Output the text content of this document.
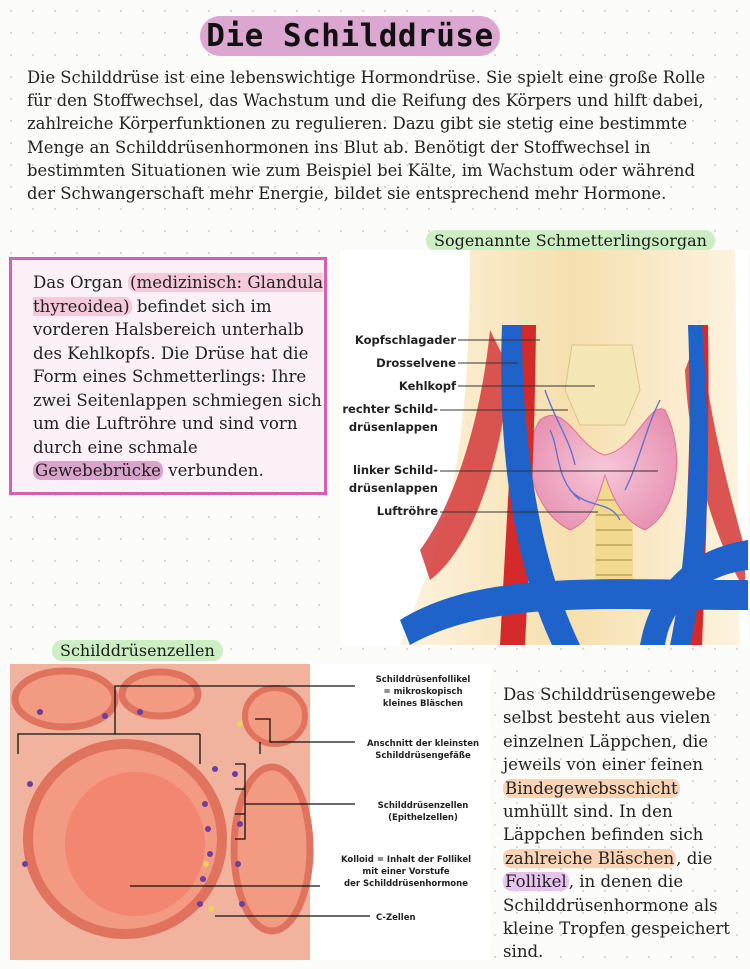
Die Schilddrüse

Die Schilddrüse ist eine lebenswichtige Hormondrüse. Sie spielt eine große Rolle für den Stoffwechsel, das Wachstum und die Reifung des Körpers und hilft dabei, zahlreiche Körperfunktionen zu regulieren. Dazu gibt sie stetig eine bestimmte Menge an Schilddrüsenhormonen ins Blut ab. Benötigt der Stoffwechsel in bestimmten Situationen wie zum Beispiel bei Kälte, im Wachstum oder während der Schwangerschaft mehr Energie, bildet sie entsprechend mehr Hormone.

Sogenannte Schmetterlingsorgan

Das Organ (medizinisch: Glandula thyreoidea) befindet sich im vorderen Halsbereich unterhalb des Kehlkopfs. Die Drüse hat die Form eines Schmetterlings: Ihre zwei Seitenlappen schmiegen sich um die Luftröhre und sind vorn durch eine schmale Gewebebrücke verbunden.

Kopfschlagader
Drosselvene
Kehlkopf
rechter Schild-
drüsenlappen
linker Schild-
drüsenlappen
Luftröhre
Schilddrüsenzellen
Schilddrüsenfollikel
= mikroskopisch
kleines Bläschen
Anschnitt der kleinsten
Schilddrüsengefäße
Schilddrüsenzellen
(Epithelzellen)
Kolloid = Inhalt der Follikel
mit einer Vorstufe
der Schilddrüsenhormone
C-Zellen

Das Schilddrüsengewebe selbst besteht aus vielen einzelnen Läppchen, die jeweils von einer feinen Bindegewebsschicht umhüllt sind. In den Läppchen befinden sich zahlreiche Bläschen , die Follikel , in denen die Schilddrüsenhormone als kleine Tropfen gespeichert sind.
